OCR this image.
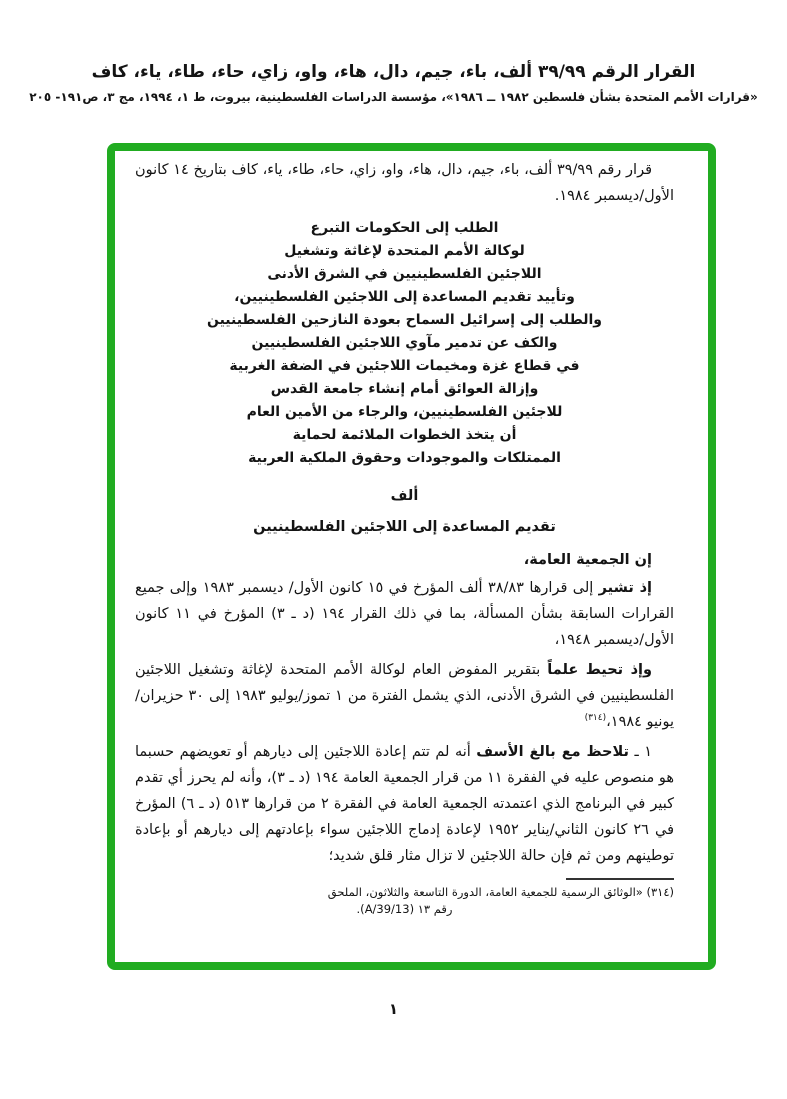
القرار الرقم ٣٩/٩٩ ألف، باء، جيم، دال، هاء، واو، زاي، حاء، طاء، ياء، كاف
«قرارات الأمم المتحدة بشأن فلسطين ١٩٨٢ ــ ١٩٨٦»، مؤسسة الدراسات الفلسطينية، بيروت، ط ١، ١٩٩٤، مج ٣، ص١٩١- ٢٠٥

قرار رقم ٣٩/٩٩ ألف، باء، جيم، دال، هاء، واو، زاي، حاء، طاء، ياء، كاف بتاريخ ١٤ كانون الأول/ديسمبر ١٩٨٤.

الطلب إلى الحكومات التبرع
لوكالة الأمم المتحدة لإغاثة وتشغيل
اللاجئين الفلسطينيين في الشرق الأدنى
وتأييد تقديم المساعدة إلى اللاجئين الفلسطينيين،
والطلب إلى إسرائيل السماح بعودة النازحين الفلسطينيين
والكف عن تدمير مآوي اللاجئين الفلسطينيين
في قطاع غزة ومخيمات اللاجئين في الضفة الغربية
وإزالة العوائق أمام إنشاء جامعة القدس
للاجئين الفلسطينيين، والرجاء من الأمين العام
أن يتخذ الخطوات الملائمة لحماية
الممتلكات والموجودات وحقوق الملكية العربية
ألف
تقديم المساعدة إلى اللاجئين الفلسطينيين

إن الجمعية العامة،

إذ تشير إلى قرارها ٣٨/٨٣ ألف المؤرخ في ١٥ كانون الأول/ ديسمبر ١٩٨٣ وإلى جميع القرارات السابقة بشأن المسألة، بما في ذلك القرار ١٩٤ (د ـ ٣) المؤرخ في ١١ كانون الأول/ديسمبر ١٩٤٨،

وإذ تحيط علماً بتقرير المفوض العام لوكالة الأمم المتحدة لإغاثة وتشغيل اللاجئين الفلسطينيين في الشرق الأدنى، الذي يشمل الفترة من ١ تموز/يوليو ١٩٨٣ إلى ٣٠ حزيران/يونيو ١٩٨٤،$^{(٣١٤)}$

١ ـ تلاحظ مع بالغ الأسف أنه لم تتم إعادة اللاجئين إلى ديارهم أو تعويضهم حسبما هو منصوص عليه في الفقرة ١١ من قرار الجمعية العامة ١٩٤ (د ـ ٣)، وأنه لم يحرز أي تقدم كبير في البرنامج الذي اعتمدته الجمعية العامة في الفقرة ٢ من قرارها ٥١٣ (د ـ ٦) المؤرخ في ٢٦ كانون الثاني/يناير ١٩٥٢ لإعادة إدماج اللاجئين سواء بإعادتهم إلى ديارهم أو بإعادة توطينهم ومن ثم فإن حالة اللاجئين لا تزال مثار قلق شديد؛

(٣١٤) «الوثائق الرسمية للجمعية العامة، الدورة التاسعة والثلاثون، الملحق

رقم ١٣ (A/39/13).

١
